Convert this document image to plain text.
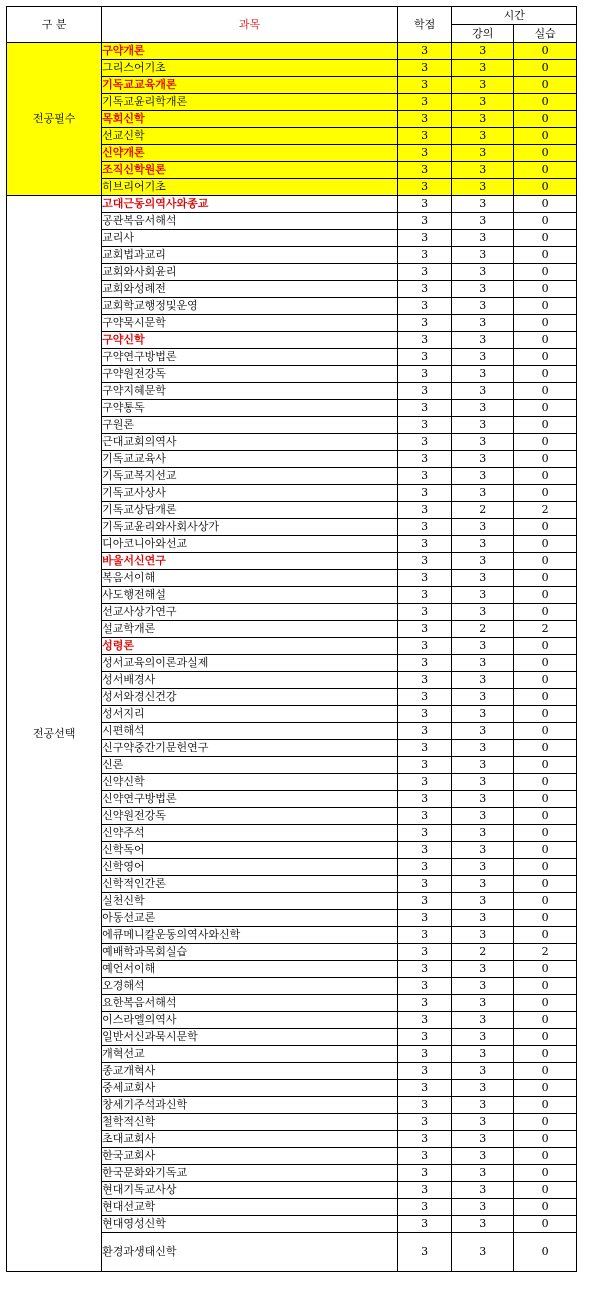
구 분	과목	학점	시간	
			강의	실습
전공필수	구약개론	3	3	0
	그리스어기초	3	3	0
	기독교교육개론	3	3	0
	기독교윤리학개론	3	3	0
	목회신학	3	3	0
	선교신학	3	3	0
	신약개론	3	3	0
	조직신학원론	3	3	0
	히브리어기초	3	3	0
전공선택	고대근동의역사와종교	3	3	0
	공관복음서해석	3	3	0
	교리사	3	3	0
	교회법과교리	3	3	0
	교회와사회윤리	3	3	0
	교회와성례전	3	3	0
	교회학교행정및운영	3	3	0
	구약묵시문학	3	3	0
	구약신학	3	3	0
	구약연구방법론	3	3	0
	구약원전강독	3	3	0
	구약지혜문학	3	3	0
	구약통독	3	3	0
	구원론	3	3	0
	근대교회의역사	3	3	0
	기독교교육사	3	3	0
	기독교복지선교	3	3	0
	기독교사상사	3	3	0
	기독교상담개론	3	2	2
	기독교윤리와사회사상가	3	3	0
	디아코니아와선교	3	3	0
	바울서신연구	3	3	0
	복음서이해	3	3	0
	사도행전해설	3	3	0
	선교사상가연구	3	3	0
	설교학개론	3	2	2
	성령론	3	3	0
	성서교육의이론과실제	3	3	0
	성서배경사	3	3	0
	성서와경신건강	3	3	0
	성서지리	3	3	0
	시편해석	3	3	0
	신구약중간기문헌연구	3	3	0
	신론	3	3	0
	신약신학	3	3	0
	신약연구방법론	3	3	0
	신약원전강독	3	3	0
	신약주석	3	3	0
	신학독어	3	3	0
	신학영어	3	3	0
	신학적인간론	3	3	0
	실천신학	3	3	0
	아동선교론	3	3	0
	에큐메니칼운동의역사와신학	3	3	0
	예배학과목회실습	3	2	2
	예언서이해	3	3	0
	오경해석	3	3	0
	요한복음서해석	3	3	0
	이스라엘의역사	3	3	0
	일반서신과묵시문학	3	3	0
	개혁선교	3	3	0
	종교개혁사	3	3	0
	중세교회사	3	3	0
	창세기주석과신학	3	3	0
	철학적신학	3	3	0
	초대교회사	3	3	0
	한국교회사	3	3	0
	한국문화와기독교	3	3	0
	현대기독교사상	3	3	0
	현대선교학	3	3	0
	현대영성신학	3	3	0
	환경과생태신학	3	3	0
